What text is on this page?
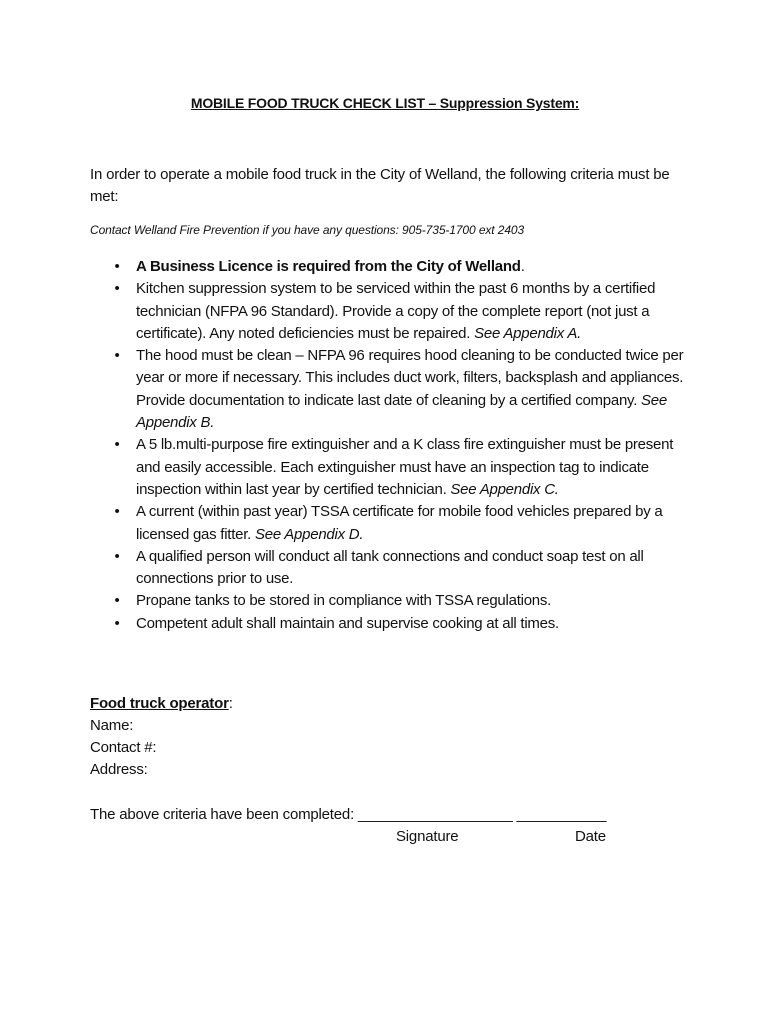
MOBILE FOOD TRUCK CHECK LIST – Suppression System:
In order to operate a mobile food truck in the City of Welland, the following criteria must be met:
Contact Welland Fire Prevention if you have any questions: 905-735-1700 ext 2403
•	A Business Licence is required from the City of Welland.
•	Kitchen suppression system to be serviced within the past 6 months by a certified technician (NFPA 96 Standard). Provide a copy of the complete report (not just a certificate). Any noted deficiencies must be repaired. See Appendix A.
•	The hood must be clean – NFPA 96 requires hood cleaning to be conducted twice per year or more if necessary. This includes duct work, filters, backsplash and appliances. Provide documentation to indicate last date of cleaning by a certified company. See Appendix B.
•	A 5 lb.multi-purpose fire extinguisher and a K class fire extinguisher must be present and easily accessible. Each extinguisher must have an inspection tag to indicate inspection within last year by certified technician. See Appendix C.
•	A current (within past year) TSSA certificate for mobile food vehicles prepared by a licensed gas fitter. See Appendix D.
•	A qualified person will conduct all tank connections and conduct soap test on all connections prior to use.
•	Propane tanks to be stored in compliance with TSSA regulations.
•	Competent adult shall maintain and supervise cooking at all times.
Food truck operator:
Name:
Contact #:
Address:
The above criteria have been completed: ___________________ ___________
Signature	Date
